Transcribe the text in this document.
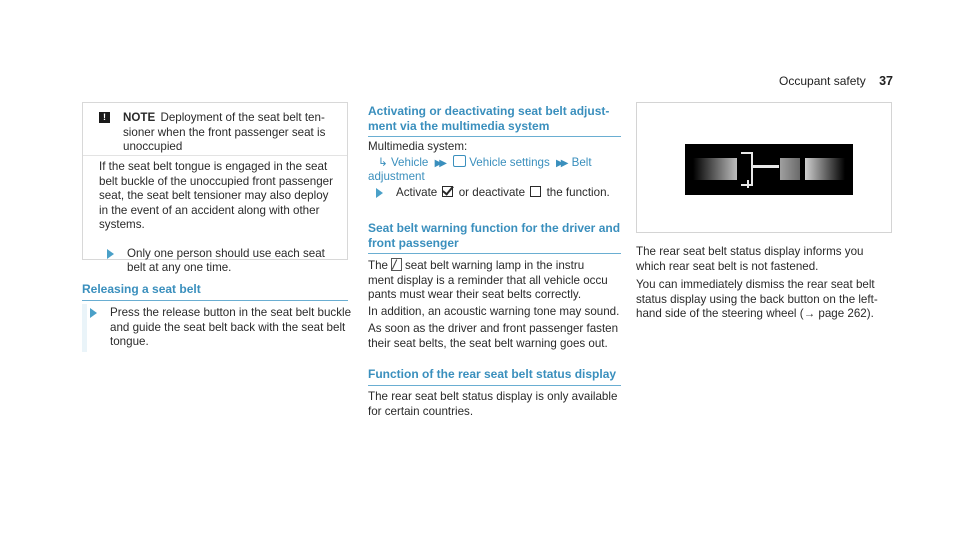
Occupant safety 37
!	NOTE Deployment of the seat belt tensioner when the front passenger seat is unoccupied
If the seat belt tongue is engaged in the seat belt buckle of the unoccupied front passenger seat, the seat belt tensioner may also deploy in the event of an accident along with other systems.
Only one person should use each seat belt at any one time.
Releasing a seat belt
Press the release button in the seat belt buckle and guide the seat belt back with the seat belt tongue.
Activating or deactivating seat belt adjust-
ment via the multimedia system
Multimedia system:
↳ Vehicle ▶▶ Vehicle settings ▶▶ Belt
adjustment
Activate or deactivate the function.
Seat belt warning function for the driver and
front passenger
The seat belt warning lamp in the instru
ment display is a reminder that all vehicle occu
pants must wear their seat belts correctly.
In addition, an acoustic warning tone may sound.
As soon as the driver and front passenger fasten
their seat belts, the seat belt warning goes out.
Function of the rear seat belt status display
The rear seat belt status display is only available
for certain countries.
The rear seat belt status display informs you
which rear seat belt is not fastened.
You can immediately dismiss the rear seat belt
status display using the back button on the left-
hand side of the steering wheel (→ page 262).
